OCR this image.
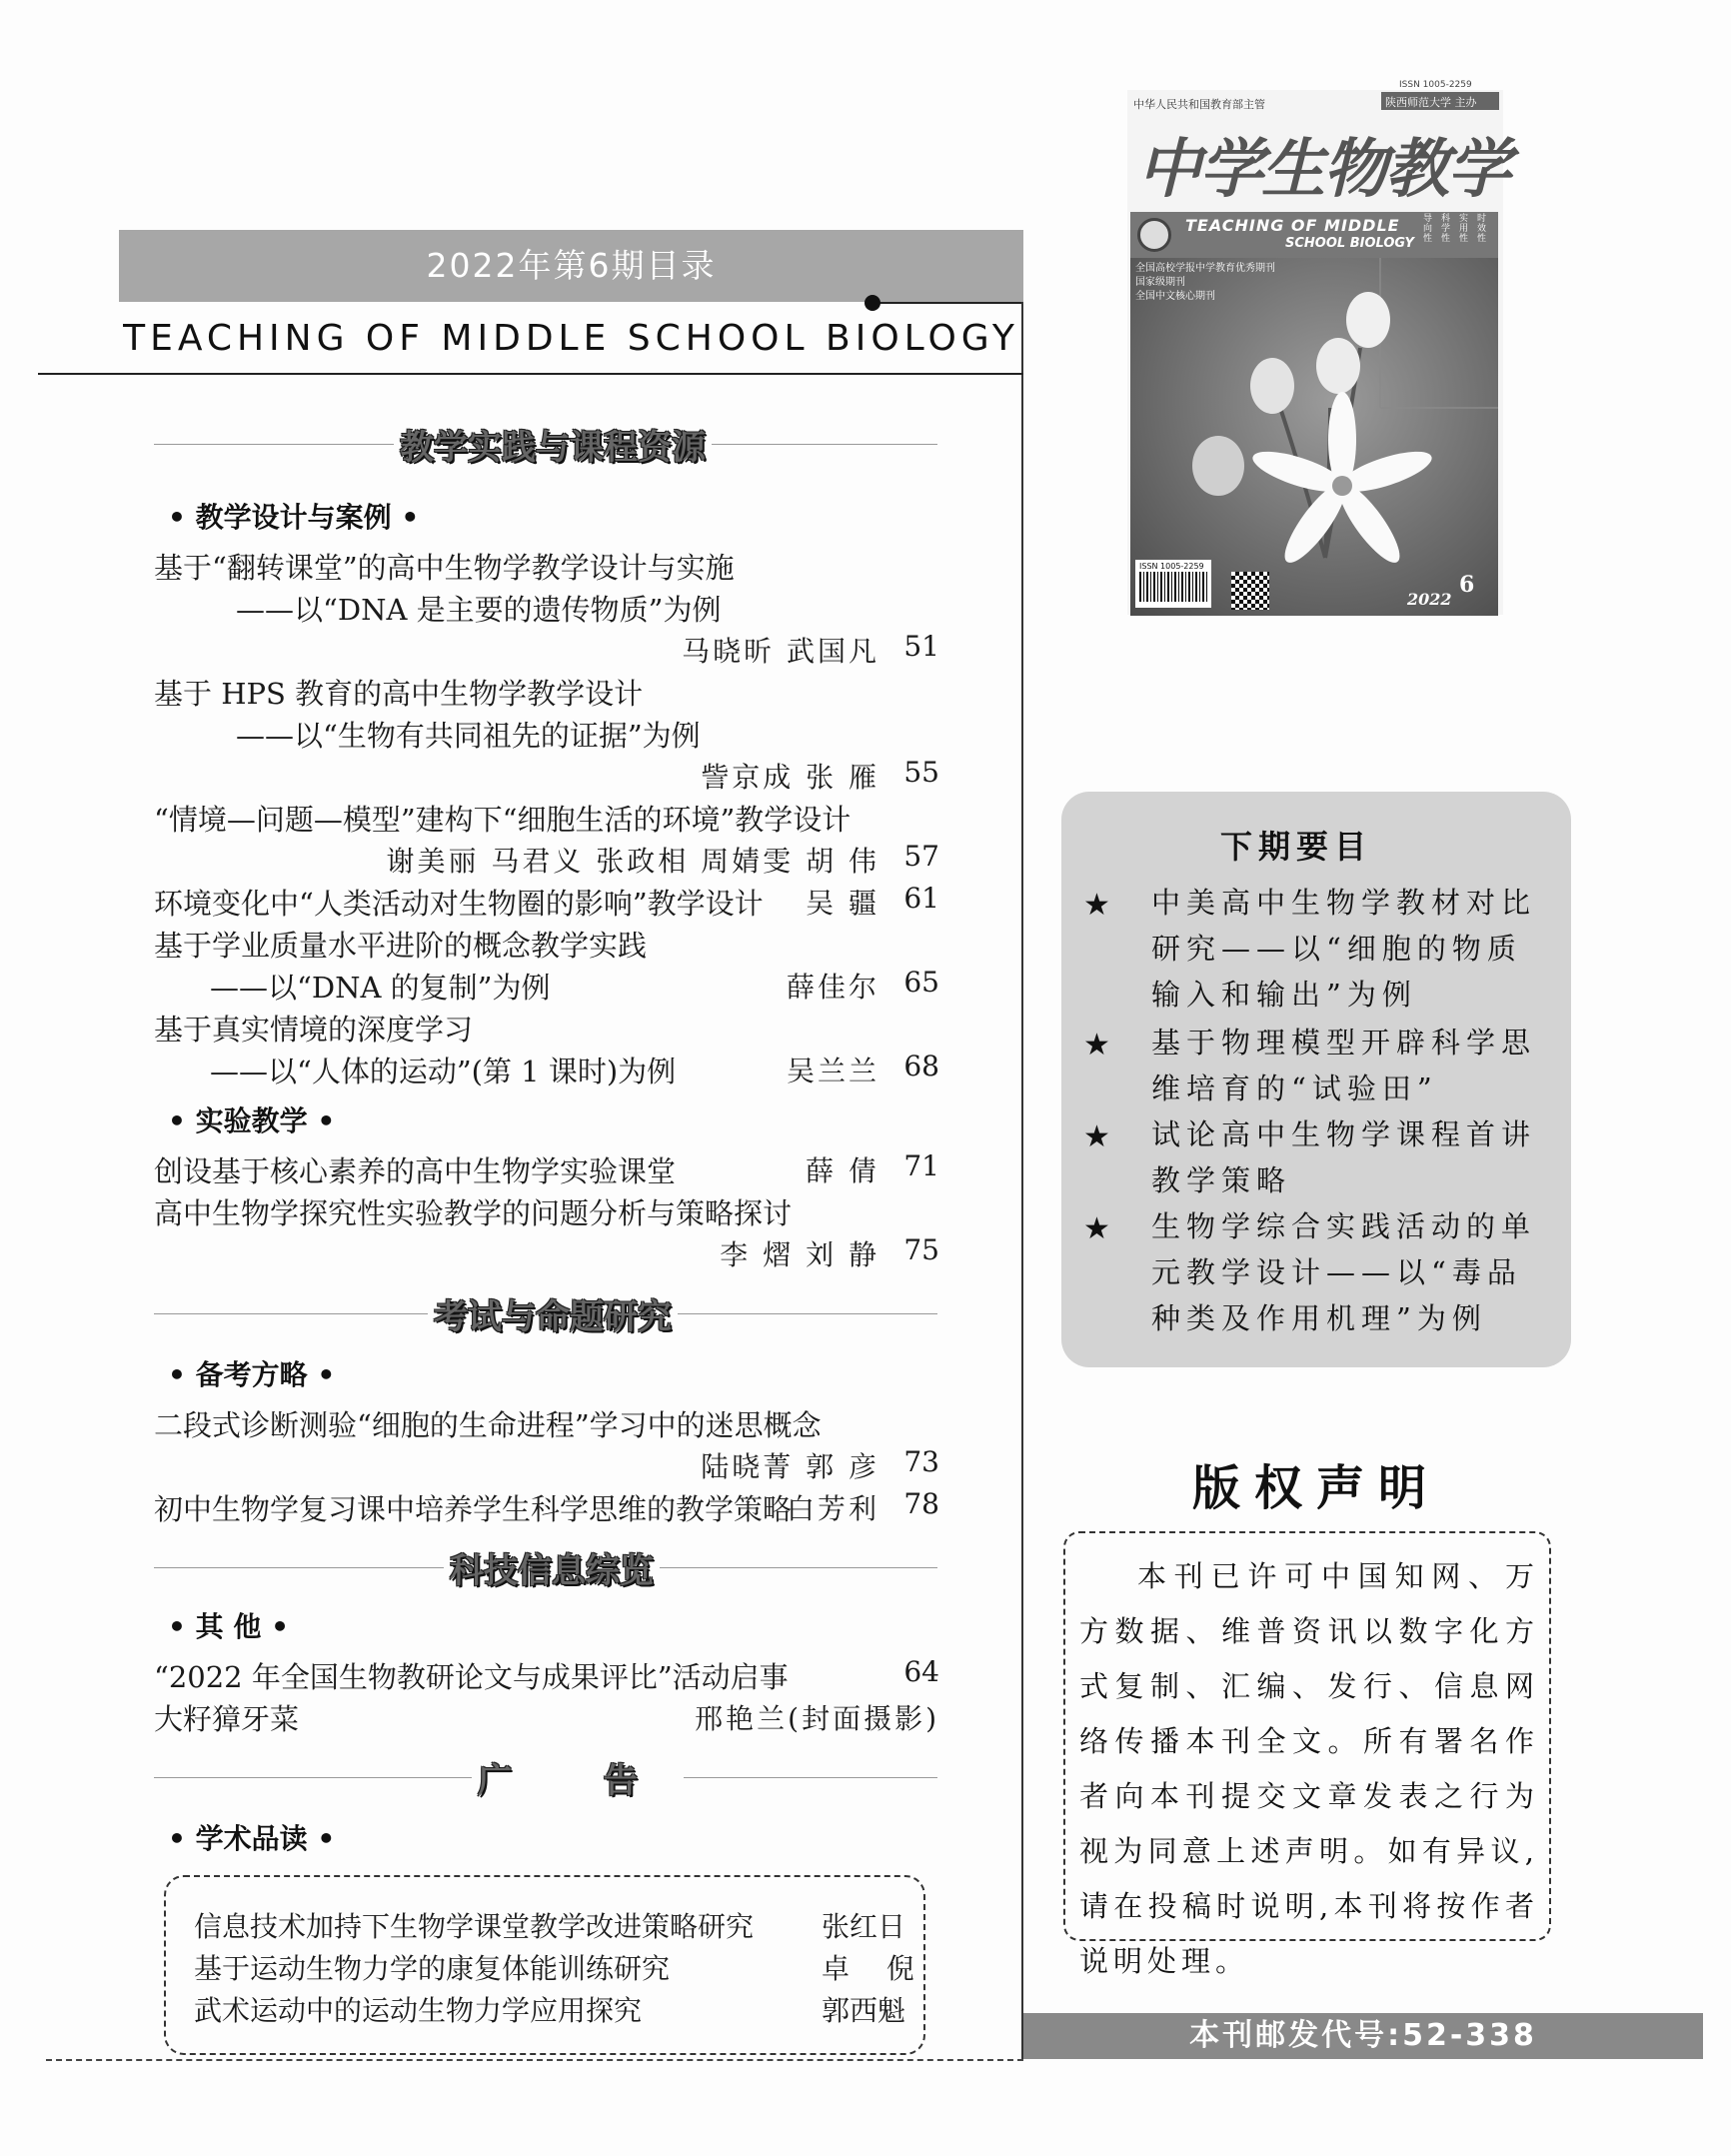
2022年第6期目录
TEACHING OF MIDDLE SCHOOL BIOLOGY
教学实践与课程资源
• 教学设计与案例 •
基于“翻转课堂”的高中生物学教学设计与实施
——以“DNA 是主要的遗传物质”为例
马晓昕 武国凡 51
基于 HPS 教育的高中生物学教学设计
——以“生物有共同祖先的证据”为例
訾京成 张 雁 55
“情境—问题—模型”建构下“细胞生活的环境”教学设计
谢美丽 马君义 张政相 周婧雯 胡 伟 57
环境变化中“人类活动对生物圈的影响”教学设计	吴 疆 61
基于学业质量水平进阶的概念教学实践
——以“DNA 的复制”为例	薛佳尔 65
基于真实情境的深度学习
——以“人体的运动”(第 1 课时)为例	吴兰兰 68
• 实验教学 •
创设基于核心素养的高中生物学实验课堂	薛 倩 71
高中生物学探究性实验教学的问题分析与策略探讨
李 熠 刘 静 75
考试与命题研究
• 备考方略 •
二段式诊断测验“细胞的生命进程”学习中的迷思概念
陆晓菁 郭 彦 73
初中生物学复习课中培养学生科学思维的教学策略
白芳利 78
科技信息综览
• 其 他 •
“2022 年全国生物教研论文与成果评比”活动启事	64
大籽獐牙菜	邢艳兰(封面摄影)
广 告
• 学术品读 •
信息技术加持下生物学课堂教学改进策略研究 张红日
基于运动生物力学的康复体能训练研究	卓 倪
武术运动中的运动生物力学应用探究	郭西魁
中华人民共和国教育部主管	陕西师范大学 主办
ISSN 1005-2259
中学生物教学
TEACHING OF MIDDLE
SCHOOL BIOLOGY
导向性
科学性
实用性
时效性
全国高校学报中学教育优秀期刊
国家级期刊
全国中文核心期刊
ISSN 1005-2259
6
2022
下期要目
★ 中美高中生物学教材对比研究——以“细胞的物质输入和输出”为例
★ 基于物理模型开辟科学思维培育的“试验田”
★ 试论高中生物学课程首讲教学策略
★ 生物学综合实践活动的单元教学设计——以“毒品种类及作用机理”为例
版权声明
本刊已许可中国知网、万方数据、维普资讯以数字化方式复制、汇编、发行、信息网络传播本刊全文。所有署名作者向本刊提交文章发表之行为视为同意上述声明。如有异议,请在投稿时说明,本刊将按作者说明处理。
本刊邮发代号:52-338
